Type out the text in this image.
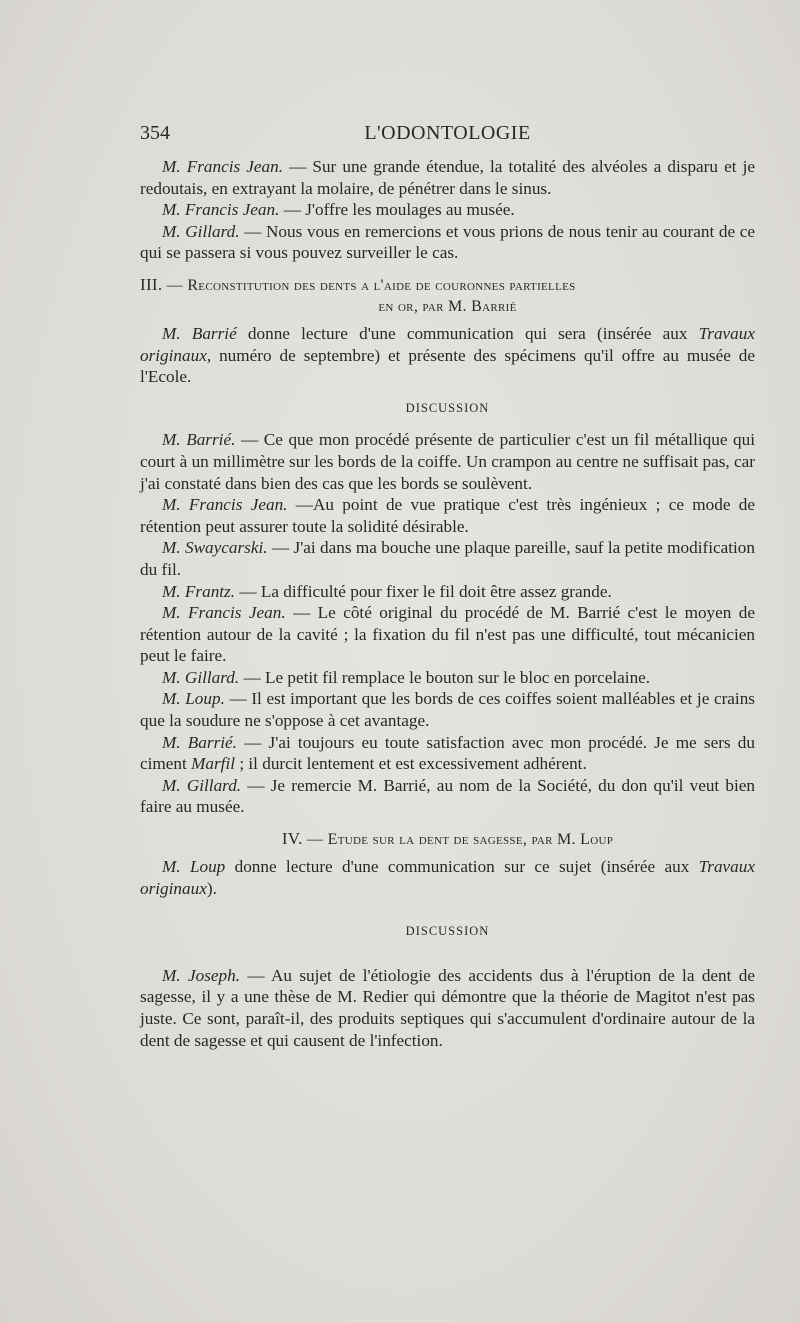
354	L'ODONTOLOGIE

M. Francis Jean. — Sur une grande étendue, la totalité des alvéoles a disparu et je redoutais, en extrayant la molaire, de pénétrer dans le sinus.

M. Francis Jean. — J'offre les moulages au musée.

M. Gillard. — Nous vous en remercions et vous prions de nous tenir au courant de ce qui se passera si vous pouvez surveiller le cas.

III. — Reconstitution des dents a l'aide de couronnes partielles

en or, par M. Barrié

M. Barrié donne lecture d'une communication qui sera (insérée aux Travaux originaux, numéro de septembre) et présente des spécimens qu'il offre au musée de l'Ecole.

DISCUSSION

M. Barrié. — Ce que mon procédé présente de particulier c'est un fil métallique qui court à un millimètre sur les bords de la coiffe. Un crampon au centre ne suffisait pas, car j'ai constaté dans bien des cas que les bords se soulèvent.

M. Francis Jean. —Au point de vue pratique c'est très ingénieux ; ce mode de rétention peut assurer toute la solidité désirable.

M. Swaycarski. — J'ai dans ma bouche une plaque pareille, sauf la petite modification du fil.

M. Frantz. — La difficulté pour fixer le fil doit être assez grande.

M. Francis Jean. — Le côté original du procédé de M. Barrié c'est le moyen de rétention autour de la cavité ; la fixation du fil n'est pas une difficulté, tout mécanicien peut le faire.

M. Gillard. — Le petit fil remplace le bouton sur le bloc en porcelaine.

M. Loup. — Il est important que les bords de ces coiffes soient malléables et je crains que la soudure ne s'oppose à cet avantage.

M. Barrié. — J'ai toujours eu toute satisfaction avec mon procédé. Je me sers du ciment Marfil ; il durcit lentement et est excessivement adhérent.

M. Gillard. — Je remercie M. Barrié, au nom de la Société, du don qu'il veut bien faire au musée.

IV. — Etude sur la dent de sagesse, par M. Loup

M. Loup donne lecture d'une communication sur ce sujet (insérée aux Travaux originaux).

DISCUSSION

M. Joseph. — Au sujet de l'étiologie des accidents dus à l'éruption de la dent de sagesse, il y a une thèse de M. Redier qui démontre que la théorie de Magitot n'est pas juste. Ce sont, paraît-il, des produits septiques qui s'accumulent d'ordinaire autour de la dent de sagesse et qui causent de l'infection.
